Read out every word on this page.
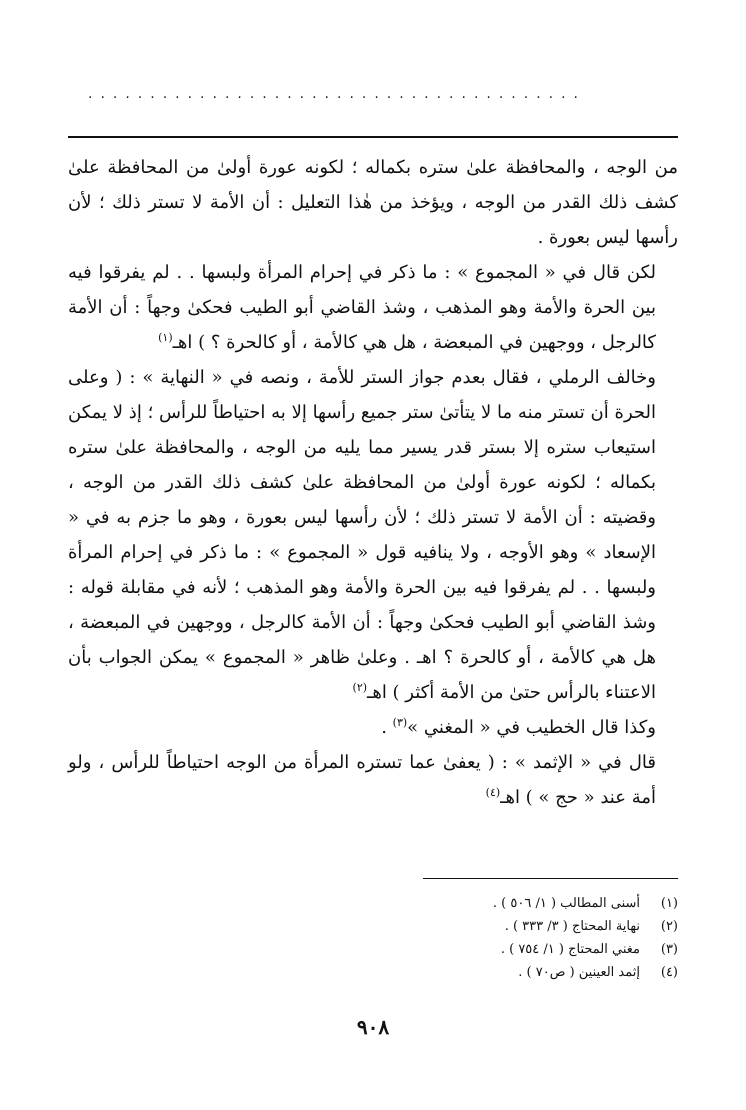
........................................

من الوجه ، والمحافظة علىٰ ستره بكماله ؛ لكونه عورة أولىٰ من المحافظة علىٰ كشف ذلك القدر من الوجه ، ويؤخذ من هٰذا التعليل : أن الأمة لا تستر ذلك ؛ لأن رأسها ليس بعورة .

لكن قال في « المجموع » : ما ذكر في إحرام المرأة ولبسها . . لم يفرقوا فيه بين الحرة والأمة وهو المذهب ، وشذ القاضي أبو الطيب فحكىٰ وجهاً : أن الأمة كالرجل ، ووجهين في المبعضة ، هل هي كالأمة ، أو كالحرة ؟ ) اهـ$^{(١)}$

وخالف الرملي ، فقال بعدم جواز الستر للأمة ، ونصه في « النهاية » : ( وعلى الحرة أن تستر منه ما لا يتأتىٰ ستر جميع رأسها إلا به احتياطاً للرأس ؛ إذ لا يمكن استيعاب ستره إلا بستر قدر يسير مما يليه من الوجه ، والمحافظة علىٰ ستره بكماله ؛ لكونه عورة أولىٰ من المحافظة علىٰ كشف ذلك القدر من الوجه ، وقضيته : أن الأمة لا تستر ذلك ؛ لأن رأسها ليس بعورة ، وهو ما جزم به في « الإسعاد » وهو الأوجه ، ولا ينافيه قول « المجموع » : ما ذكر في إحرام المرأة ولبسها . . لم يفرقوا فيه بين الحرة والأمة وهو المذهب ؛ لأنه في مقابلة قوله : وشذ القاضي أبو الطيب فحكىٰ وجهاً : أن الأمة كالرجل ، ووجهين في المبعضة ، هل هي كالأمة ، أو كالحرة ؟ اهـ . وعلىٰ ظاهر « المجموع » يمكن الجواب بأن الاعتناء بالرأس حتىٰ من الأمة أكثر ) اهـ$^{(٢)}$

وكذا قال الخطيب في « المغني »$^{(٣)}$ .

قال في « الإثمد » : ( يعفىٰ عما تستره المرأة من الوجه احتياطاً للرأس ، ولو أمة عند « حج » ) اهـ$^{(٤)}$

(١)
أسنى المطالب ( ١/ ٥٠٦ ) .
(٢)
نهاية المحتاج ( ٣/ ٣٣٣ ) .
(٣)
مغني المحتاج ( ١/ ٧٥٤ ) .
(٤)
إثمد العينين ( ص٧٠ ) .
٩٠٨
